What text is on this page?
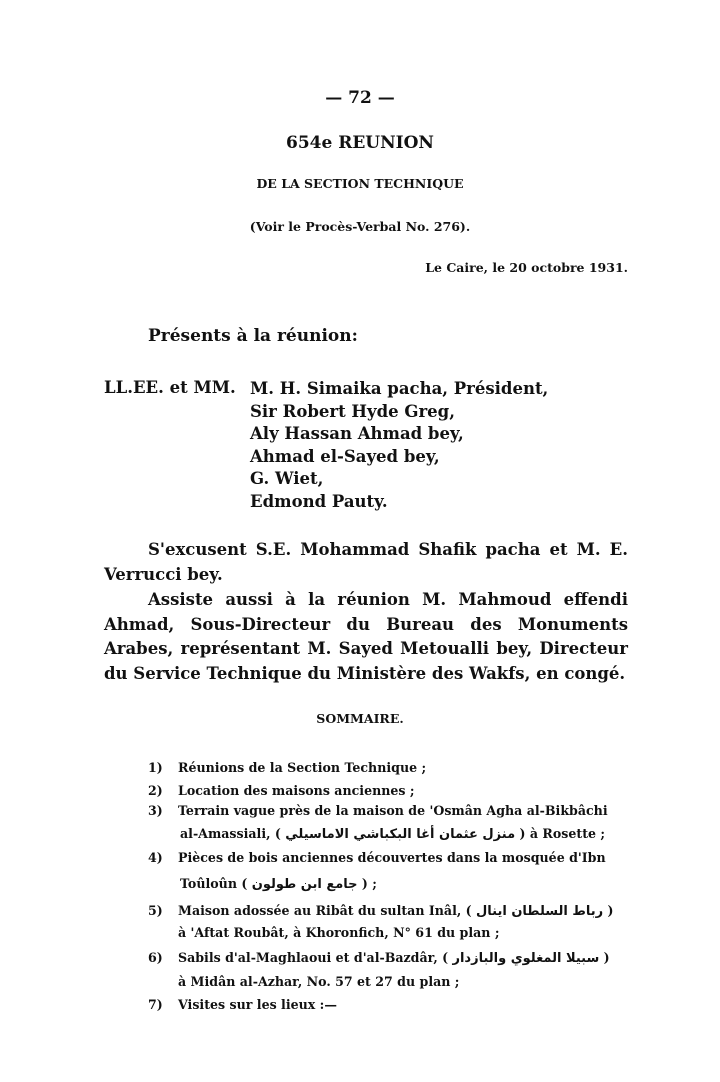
— 72 —
654e REUNION
DE LA SECTION TECHNIQUE
(Voir le Procès-Verbal No. 276).
Le Caire, le 20 octobre 1931.
Présents à la réunion:
LL.EE. et MM. M. H. Simaika pacha, Président,
Sir Robert Hyde Greg,
Aly Hassan Ahmad bey,
Ahmad el-Sayed bey,
G. Wiet,
Edmond Pauty.

S'excusent S.E. Mohammad Shafik pacha et M. E. Verrucci bey.

Assiste aussi à la réunion M. Mahmoud effendi Ahmad, Sous-Directeur du Bureau des Monuments Arabes, représentant M. Sayed Metoualli bey, Directeur du Service Technique du Ministère des Wakfs, en congé.

SOMMAIRE.
1) Réunions de la Section Technique ;
2) Location des maisons anciennes ;
3) Terrain vague près de la maison de 'Osmân Agha al-Bikbâchi
al-Amassiali, ( منزل عثمان أغا البكباشي الاماسيلي ) à Rosette ;
4) Pièces de bois anciennes découvertes dans la mosquée d'Ibn
Toûloûn ( جامع ابن طولون ) ;
5) Maison adossée au Ribât du sultan Inâl, ( رباط السلطان اينال )
à 'Aftat Roubât, à Khoronfich, N° 61 du plan ;
6) Sabils d'al-Maghlaoui et d'al-Bazdâr, ( سبيلا المغلوي والبازدار )
à Midân al-Azhar, No. 57 et 27 du plan ;
7) Visites sur les lieux :—
